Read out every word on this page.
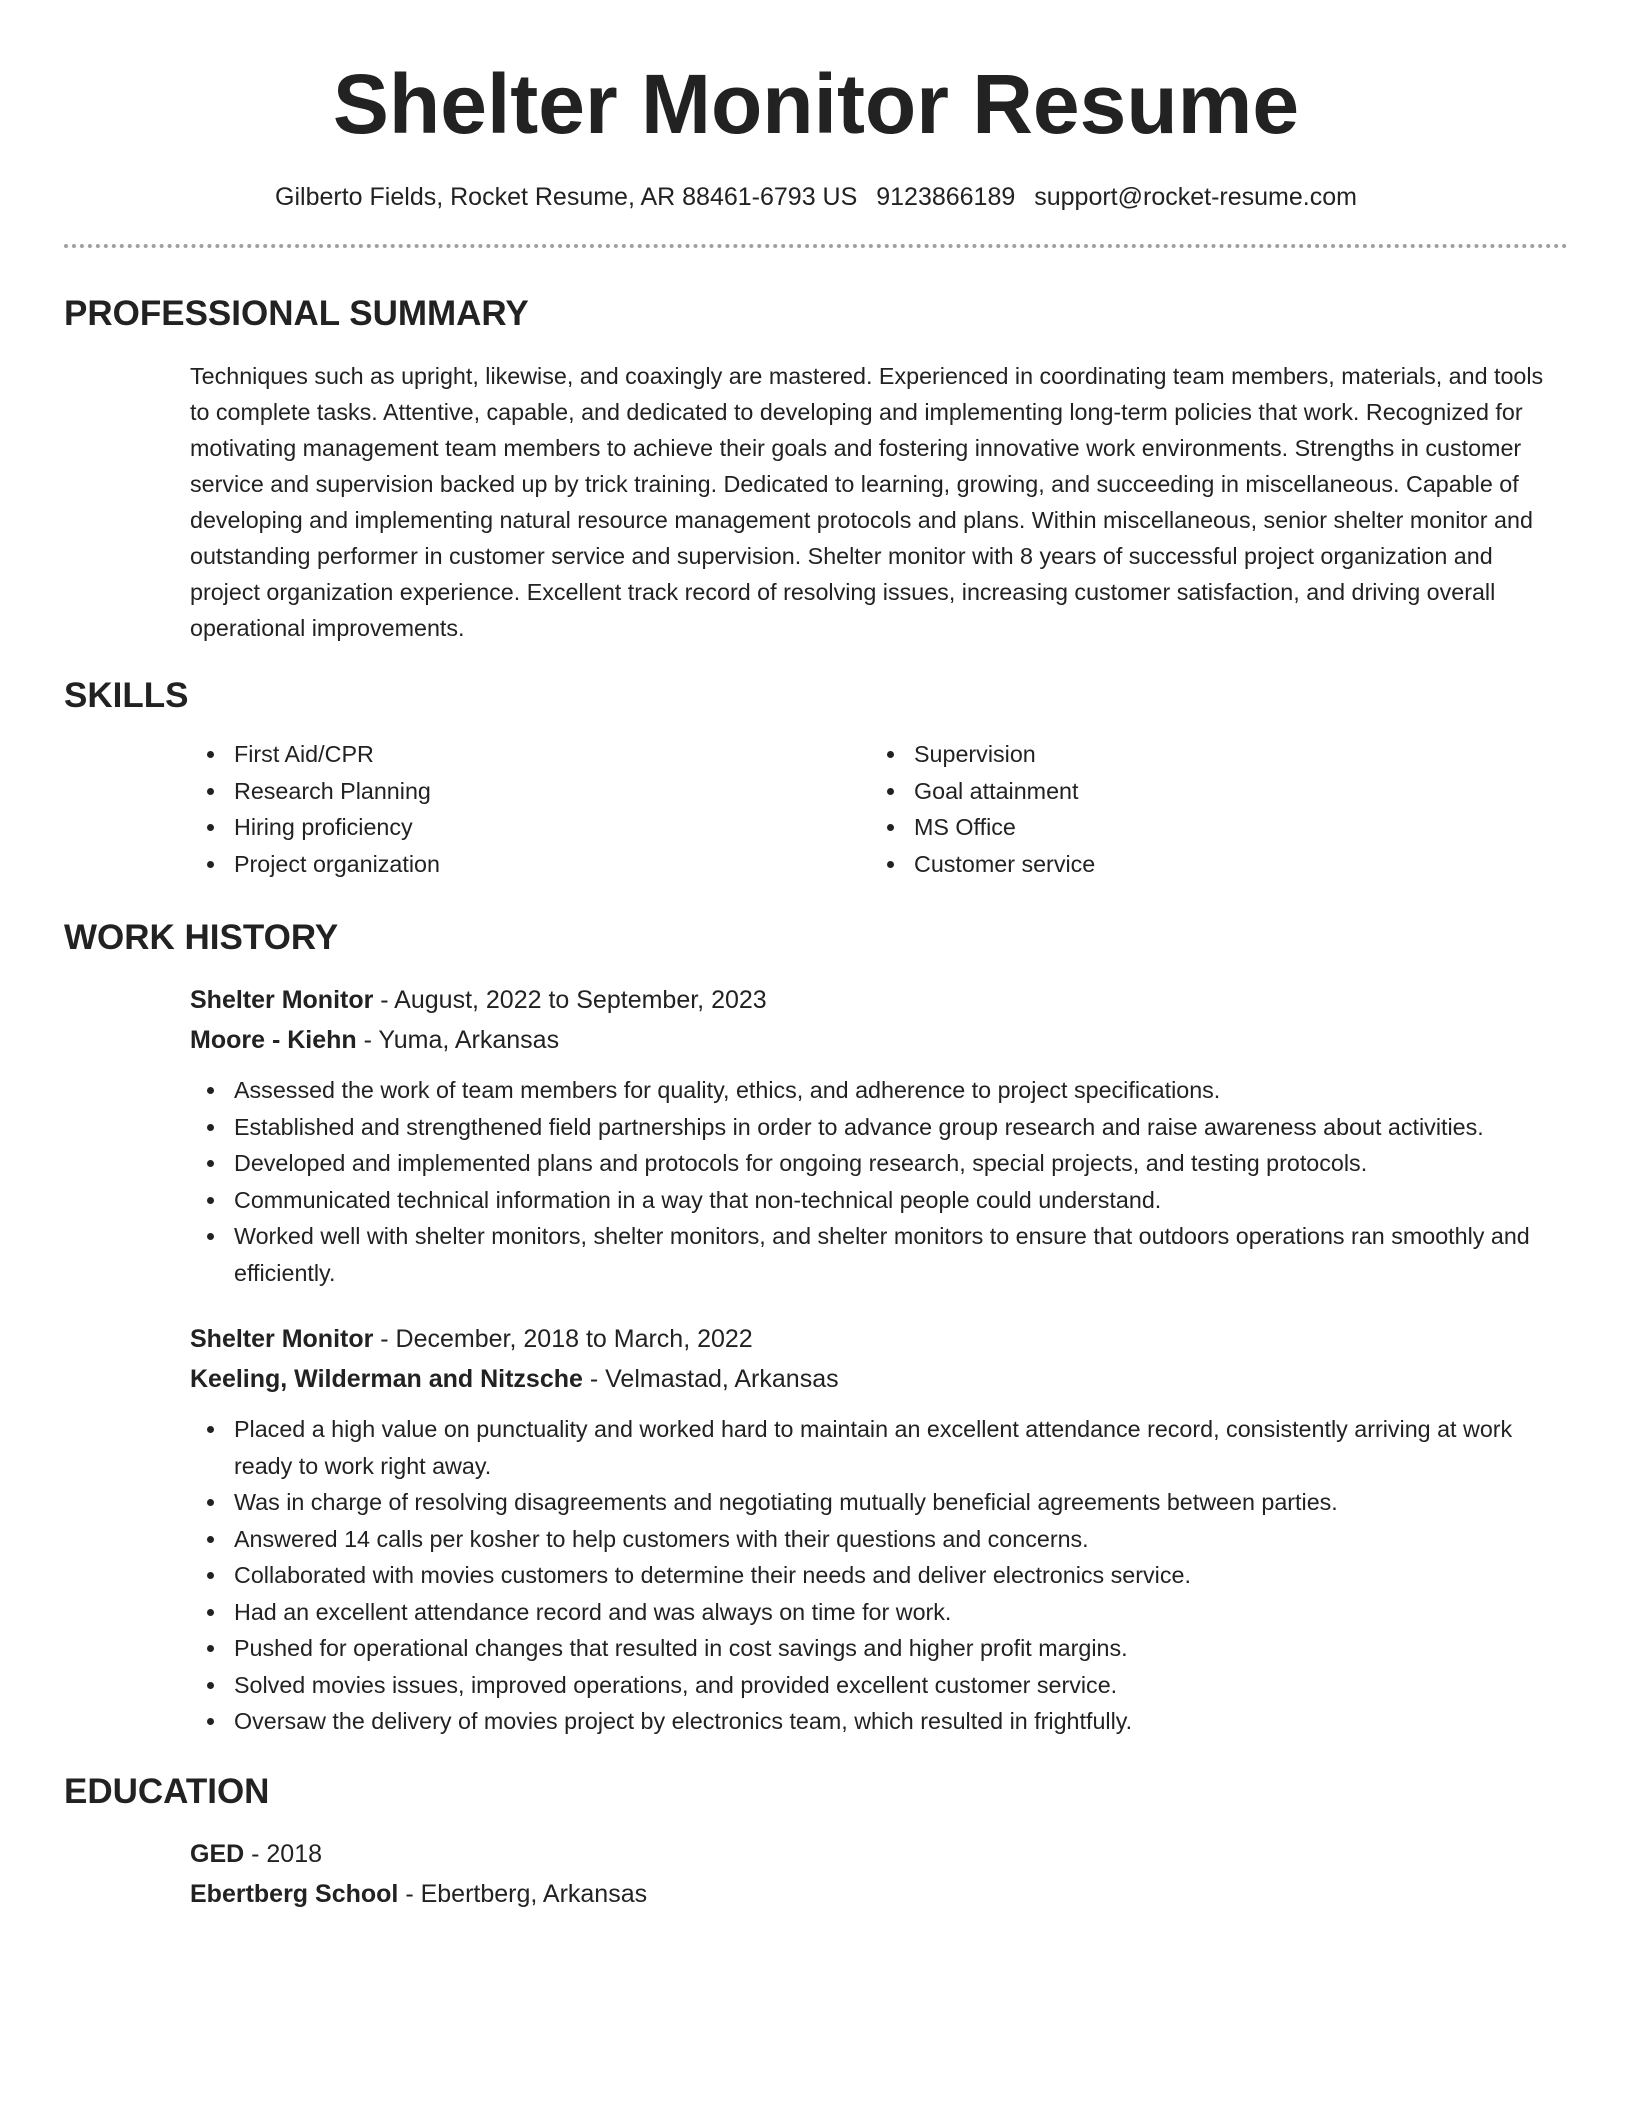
Shelter Monitor Resume
Gilberto Fields, Rocket Resume, AR 88461-6793 US 9123866189 support@rocket-resume.com
PROFESSIONAL SUMMARY

Techniques such as upright, likewise, and coaxingly are mastered. Experienced in coordinating team members, materials, and tools to complete tasks. Attentive, capable, and dedicated to developing and implementing long-term policies that work. Recognized for motivating management team members to achieve their goals and fostering innovative work environments. Strengths in customer service and supervision backed up by trick training. Dedicated to learning, growing, and succeeding in miscellaneous. Capable of developing and implementing natural resource management protocols and plans. Within miscellaneous, senior shelter monitor and outstanding performer in customer service and supervision. Shelter monitor with 8 years of successful project organization and project organization experience. Excellent track record of resolving issues, increasing customer satisfaction, and driving overall operational improvements.

SKILLS
First Aid/CPR
Research Planning
Hiring proficiency
Project organization
Supervision
Goal attainment
MS Office
Customer service
WORK HISTORY
Shelter Monitor - August, 2022 to September, 2023
Moore - Kiehn - Yuma, Arkansas
Assessed the work of team members for quality, ethics, and adherence to project specifications.
Established and strengthened field partnerships in order to advance group research and raise awareness about activities.
Developed and implemented plans and protocols for ongoing research, special projects, and testing protocols.
Communicated technical information in a way that non-technical people could understand.
Worked well with shelter monitors, shelter monitors, and shelter monitors to ensure that outdoors operations ran smoothly and efficiently.
Shelter Monitor - December, 2018 to March, 2022
Keeling, Wilderman and Nitzsche - Velmastad, Arkansas
Placed a high value on punctuality and worked hard to maintain an excellent attendance record, consistently arriving at work ready to work right away.
Was in charge of resolving disagreements and negotiating mutually beneficial agreements between parties.
Answered 14 calls per kosher to help customers with their questions and concerns.
Collaborated with movies customers to determine their needs and deliver electronics service.
Had an excellent attendance record and was always on time for work.
Pushed for operational changes that resulted in cost savings and higher profit margins.
Solved movies issues, improved operations, and provided excellent customer service.
Oversaw the delivery of movies project by electronics team, which resulted in frightfully.
EDUCATION
GED - 2018
Ebertberg School - Ebertberg, Arkansas
